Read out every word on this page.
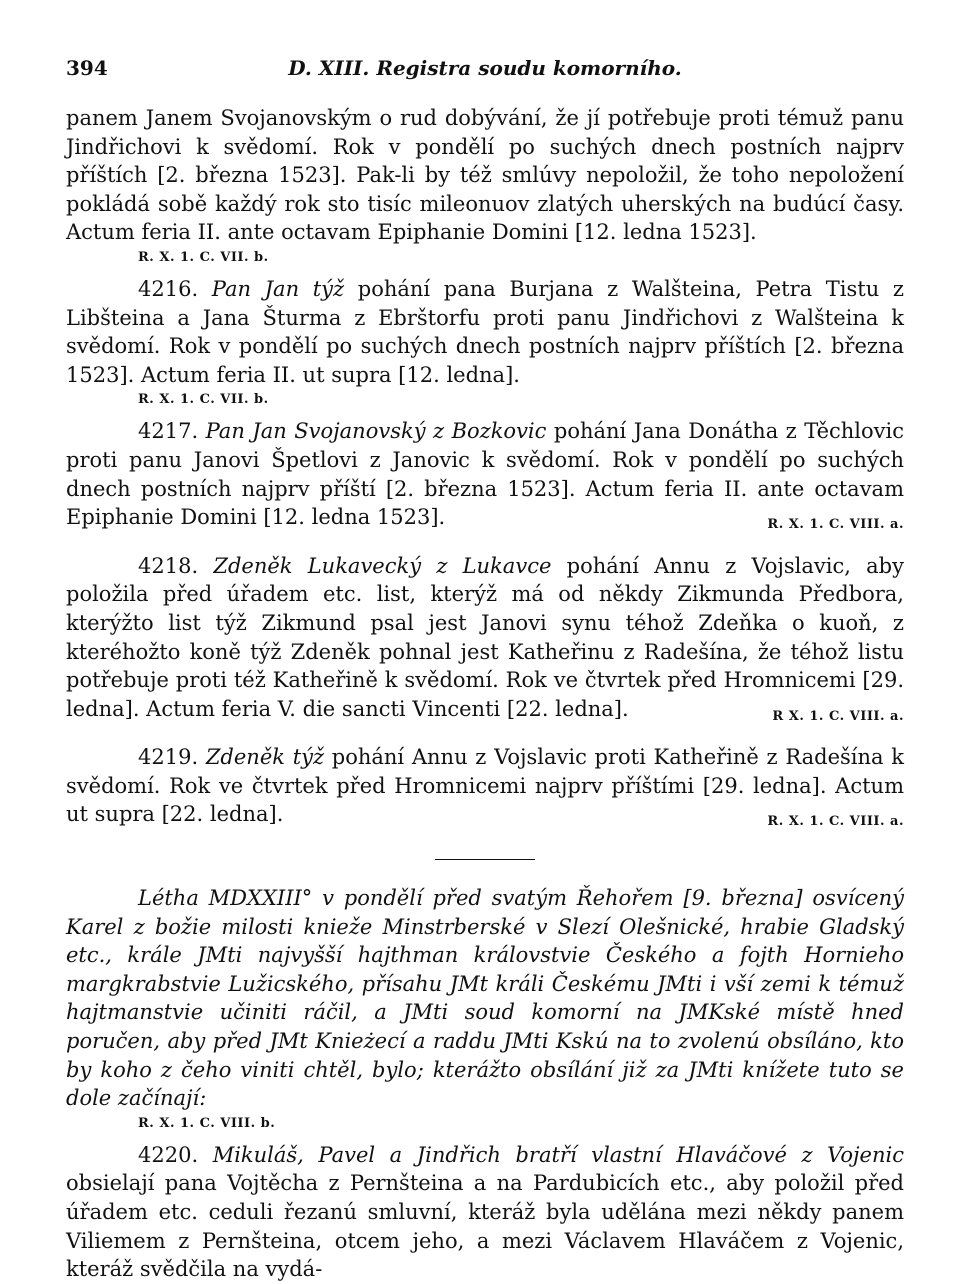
394	D. XIII. Registra soudu komorního.

panem Janem Svojanovským o rud dobývání, že jí potřebuje proti témuž panu Jindřichovi k svědomí. Rok v pondělí po suchých dnech postních najprv příštích [2. března 1523]. Pak-li by též smlúvy nepoložil, že toho nepoložení pokládá sobě každý rok sto tisíc mileonuov zlatých uherských na budúcí časy. Actum feria II. ante octavam Epiphanie Domini [12. ledna 1523].

R. X. 1. C. VII. b.

4216. Pan Jan týž pohání pana Burjana z Walšteina, Petra Tistu z Libšteina a Jana Šturma z Ebrštorfu proti panu Jindřichovi z Walšteina k svědomí. Rok v pondělí po suchých dnech postních najprv příštích [2. března 1523]. Actum feria II. ut supra [12. ledna].

R. X. 1. C. VII. b.

4217. Pan Jan Svojanovský z Bozkovic pohání Jana Donátha z Těchlovic proti panu Janovi Špetlovi z Janovic k svědomí. Rok v pondělí po suchých dnech postních najprv příští [2. března 1523]. Actum feria II. ante octavam Epiphanie Domini [12. ledna 1523].	R. X. 1. C. VIII. a.

4218. Zdeněk Lukavecký z Lukavce pohání Annu z Vojslavic, aby položila před úřadem etc. list, kterýž má od někdy Zikmunda Předbora, kterýžto list týž Zikmund psal jest Janovi synu téhož Zdeňka o kuoň, z kteréhožto koně týž Zdeněk pohnal jest Katheřinu z Radešína, že téhož listu potřebuje proti též Katheřině k svědomí. Rok ve čtvrtek před Hromnicemi [29. ledna]. Actum feria V. die sancti Vincenti [22. ledna].	R X. 1. C. VIII. a.

4219. Zdeněk týž pohání Annu z Vojslavic proti Katheřině z Radešína k svědomí. Rok ve čtvrtek před Hromnicemi najprv příštími [29. ledna]. Actum ut supra [22. ledna].	R. X. 1. C. VIII. a.

Létha MDXXIII° v pondělí před svatým Řehořem [9. březnа] osvícený Karel z božie milosti knieže Minstrberské v Slezí Olešnické, hrabie Gladský etc., krále JMti najvyšší hajthman královstvie Českého a fojth Hornieho margkrabstvie Lužicského, přísahu JMt králi Českému JMti i vší zemi k témuž hajtmanstvie učiniti ráčil, a JMti soud komorní na JMKské místě hned poručen, aby před JMt Knieżecí a raddu JMti Kskú na to zvolenú obsíláno, kto by koho z čeho viniti chtěl, bylo; kterážto obsílání již za JMti knížete tuto se dole začínají:

R. X. 1. C. VIII. b.

4220. Mikuláš, Pavel a Jindřich bratří vlastní Hlaváčové z Vojenic obsielají pana Vojtěcha z Pernšteina a na Pardubicích etc., aby položil před úřadem etc. ceduli řezanú smluvní, kteráž byla udělána mezi někdy panem Viliemem z Pernšteina, otcem jeho, a mezi Václavem Hlaváčem z Vojenic, kteráž svědčila na vydá-
